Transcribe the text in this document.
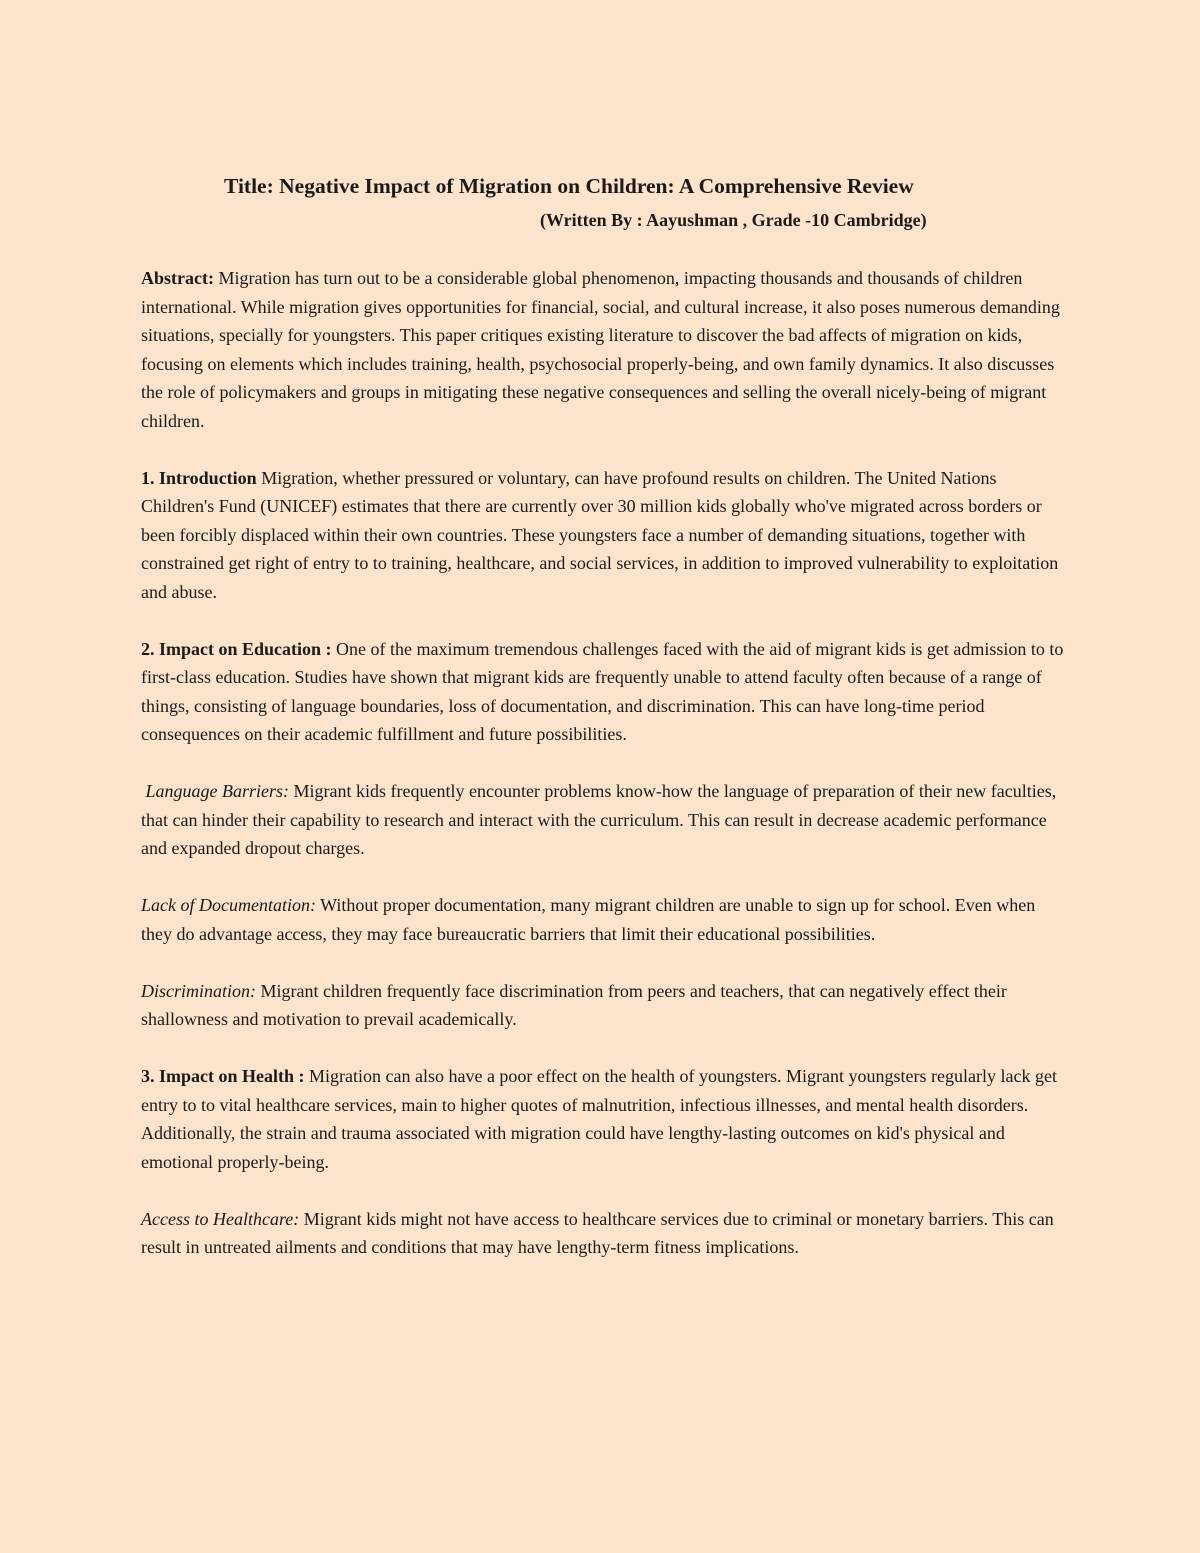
Title: Negative Impact of Migration on Children: A Comprehensive Review

(Written By : Aayushman , Grade -10 Cambridge)

Abstract: Migration has turn out to be a considerable global phenomenon, impacting thousands and thousands of children international. While migration gives opportunities for financial, social, and cultural increase, it also poses numerous demanding situations, specially for youngsters. This paper critiques existing literature to discover the bad affects of migration on kids, focusing on elements which includes training, health, psychosocial properly-being, and own family dynamics. It also discusses the role of policymakers and groups in mitigating these negative consequences and selling the overall nicely-being of migrant children.

1. Introduction Migration, whether pressured or voluntary, can have profound results on children. The United Nations Children's Fund (UNICEF) estimates that there are currently over 30 million kids globally who've migrated across borders or been forcibly displaced within their own countries. These youngsters face a number of demanding situations, together with constrained get right of entry to to training, healthcare, and social services, in addition to improved vulnerability to exploitation and abuse.

2. Impact on Education : One of the maximum tremendous challenges faced with the aid of migrant kids is get admission to to first-class education. Studies have shown that migrant kids are frequently unable to attend faculty often because of a range of things, consisting of language boundaries, loss of documentation, and discrimination. This can have long-time period consequences on their academic fulfillment and future possibilities.

Language Barriers: Migrant kids frequently encounter problems know-how the language of preparation of their new faculties, that can hinder their capability to research and interact with the curriculum. This can result in decrease academic performance and expanded dropout charges.

Lack of Documentation: Without proper documentation, many migrant children are unable to sign up for school. Even when they do advantage access, they may face bureaucratic barriers that limit their educational possibilities.

Discrimination: Migrant children frequently face discrimination from peers and teachers, that can negatively effect their shallowness and motivation to prevail academically.

3. Impact on Health : Migration can also have a poor effect on the health of youngsters. Migrant youngsters regularly lack get entry to to vital healthcare services, main to higher quotes of malnutrition, infectious illnesses, and mental health disorders. Additionally, the strain and trauma associated with migration could have lengthy-lasting outcomes on kid's physical and emotional properly-being.

Access to Healthcare: Migrant kids might not have access to healthcare services due to criminal or monetary barriers. This can result in untreated ailments and conditions that may have lengthy-term fitness implications.
